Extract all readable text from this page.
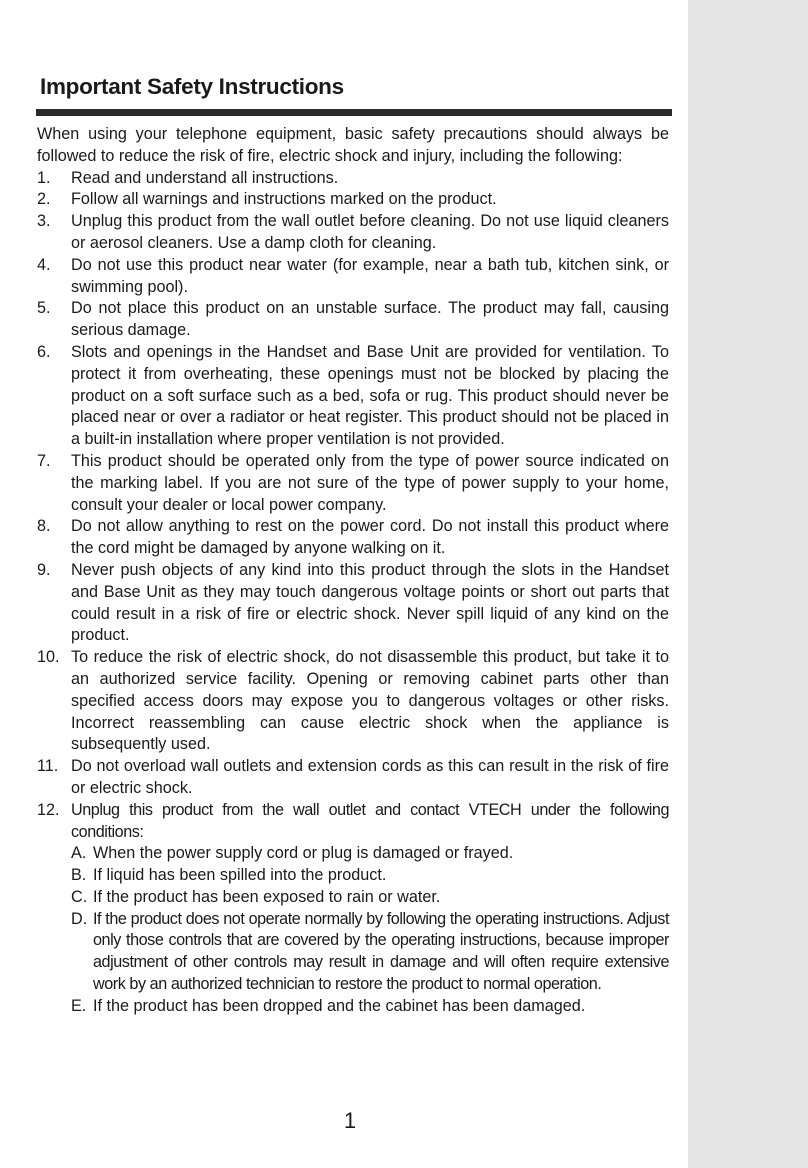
Important Safety Instructions

When using your telephone equipment, basic safety precautions should always be followed to reduce the risk of fire, electric shock and injury, including the following:

1. Read and understand all instructions.
2. Follow all warnings and instructions marked on the product.
3. Unplug this product from the wall outlet before cleaning. Do not use liquid cleaners or aerosol cleaners. Use a damp cloth for cleaning.
4. Do not use this product near water (for example, near a bath tub, kitchen sink, or swimming pool).
5. Do not place this product on an unstable surface. The product may fall, causing serious damage.
6. Slots and openings in the Handset and Base Unit are provided for ventilation. To protect it from overheating, these openings must not be blocked by placing the product on a soft surface such as a bed, sofa or rug. This product should never be placed near or over a radiator or heat register. This product should not be placed in a built-in installation where proper ventilation is not provided.
7. This product should be operated only from the type of power source indicated on the marking label. If you are not sure of the type of power supply to your home, consult your dealer or local power company.
8. Do not allow anything to rest on the power cord. Do not install this product where the cord might be damaged by anyone walking on it.
9. Never push objects of any kind into this product through the slots in the Handset and Base Unit as they may touch dangerous voltage points or short out parts that could result in a risk of fire or electric shock. Never spill liquid of any kind on the product.
10. To reduce the risk of electric shock, do not disassemble this product, but take it to an authorized service facility. Opening or removing cabinet parts other than specified access doors may expose you to dangerous voltages or other risks. Incorrect reassembling can cause electric shock when the appliance is subsequently used.
11. Do not overload wall outlets and extension cords as this can result in the risk of fire or electric shock.
12. Unplug this product from the wall outlet and contact VTECH under the following conditions:
A. When the power supply cord or plug is damaged or frayed.
B. If liquid has been spilled into the product.
C. If the product has been exposed to rain or water.
D. If the product does not operate normally by following the operating instructions. Adjust only those controls that are covered by the operating instructions, because improper adjustment of other controls may result in damage and will often require extensive work by an authorized technician to restore the product to normal operation.
E. If the product has been dropped and the cabinet has been damaged.
1
